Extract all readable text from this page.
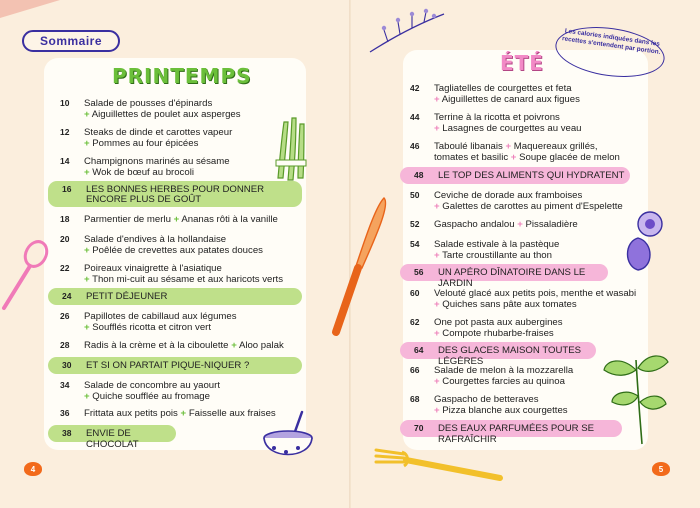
Sommaire
PRINTEMPS
10	Salade de pousses d'épinards
+ Aiguillettes de poulet aux asperges
12	Steaks de dinde et carottes vapeur
+ Pommes au four épicées
14	Champignons marinés au sésame
+ Wok de bœuf au brocoli
16 LES BONNES HERBES POUR DONNER
ENCORE PLUS DE GOÛT
18	Parmentier de merlu + Ananas rôti à la vanille
20	Salade d'endives à la hollandaise
+ Poêlée de crevettes aux patates douces
22	Poireaux vinaigrette à l'asiatique
+ Thon mi-cuit au sésame et aux haricots verts
24 PETIT DÉJEUNER
26	Papillotes de cabillaud aux légumes
+ Soufflés ricotta et citron vert
28	Radis à la crème et à la ciboulette + Aloo palak
30 ET SI ON PARTAIT PIQUE-NIQUER ?
34	Salade de concombre au yaourt
+ Quiche soufflée au fromage
36	Frittata aux petits pois + Faisselle aux fraises
38 ENVIE DE CHOCOLAT
4
ÉTÉ
Les calories indiquées dans les recettes s'entendent par portion.
42	Tagliatelles de courgettes et feta
+ Aiguillettes de canard aux figues
44	Terrine à la ricotta et poivrons
+ Lasagnes de courgettes au veau
46	Taboulé libanais + Maquereaux grillés,
tomates et basilic + Soupe glacée de melon
48 LE TOP DES ALIMENTS QUI HYDRATENT
50	Ceviche de dorade aux framboises
+ Galettes de carottes au piment d'Espelette
52	Gaspacho andalou + Pissaladière
54	Salade estivale à la pastèque
+ Tarte croustillante au thon
56 UN APÉRO DÎNATOIRE DANS LE JARDIN
60	Velouté glacé aux petits pois, menthe et wasabi
+ Quiches sans pâte aux tomates
62	One pot pasta aux aubergines
+ Compote rhubarbe-fraises
64 DES GLACES MAISON TOUTES LÉGÈRES
66	Salade de melon à la mozzarella
+ Courgettes farcies au quinoa
68	Gaspacho de betteraves
+ Pizza blanche aux courgettes
70 DES EAUX PARFUMÉES POUR SE RAFRAÎCHIR
5
